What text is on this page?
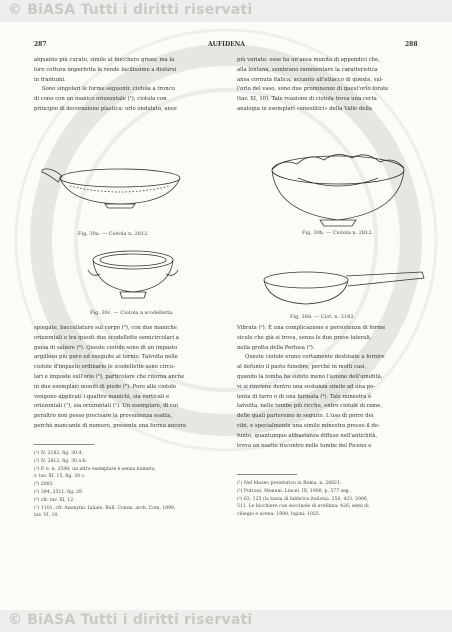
© BiASA Tutti i diritti riservati
© BiASA Tutti i diritti riservati
287	AUFIDENA	288

alquanto più curato, simile al bucchero grezo; ma la

loro cottura imperfetta le rende facilissime a disfarsi

in frantumi.

Sono singolari le forme seguenti: ciotola a tronco

di cono con un manico orizzontale (¹); ciotola con

principio di decorazione plastica: orlo ondulato, anse

più variate: esse ha un'ansa munita di appendici che,

alla lontana, sembrano rammentare la caratteristica

ansa cornuta italica; accanto all'attacco di questa, sul-

l'orlo del vaso, sono due prominenze di quest'orlo forate

(tav. XI, 10). Tale reazione di ciotola trova una certa

analogia in esemplari «eneolitici» della Valle della

Fig. 30a. — Ciotola n. 2812.	Fig. 30b. — Ciotola n. 2812.
Fig. 30c. — Ciotola a scodelletta.
Fig. 30d. — Ciot. n. 2182.

spiegate, baccellature sul corpo (³), con due maniche

orizzontali e tra questi due scodellette semicircolari a

guisa di saliere (⁴). Queste ciotole sono di un impasto

argilloso più puro ed eseguite al tornio. Talvolta nelle

ciotole d'impasto ordinario le scodellette sono circo-

lari e imposte sull'orlo (⁵), particolare che ritorna anche

in due esemplari muniti di piede (⁶). Pure alle ciotole

vengono applicati i quattro manichi, sia verticali e

orizzontali (⁷), sia orizzontali (¹). Un esemplare, di cui

peraltro non posso precisare la provenienza esatta,

perchè mancante di numero, presenta una forma ancora

Vibrata (²). È una complicazione e persistenza di forme

sicule che già si trova, senza le due prese laterali,

nella grotta della Pertosa (³).

Queste ciotole erano certamente destinate a fornire

al defunto il pasto funebre, perchè in molti casi,

quando la tomba ha subito meno l'azione dell'umidità,

vi si rinviene dentro una sostanza simile ad una po-

lenta di farro o di una farinata (⁴). Tale minestra è

talvolta, nelle tombe più ricche, entro ciotole di rame,

delle quali parleremo in seguito. L'uso di porre dei

cibi, e specialmente una simile minestra presso il de-

funto, quantunque abbastanza diffuso nell'antichità,

trova un esatto riscontro nelle tombe del Piceno e

(¹) N. 2182, fig. 30 d.

(²) N. 2812, fig. 30 a-b.

(³) P. e. n. 2598; un altro esemplare è senza numero,

v. tav. XI, 15, fig. 30 c.

(⁴) 2083.

(⁵) 394, 2511, fig. 29

(⁶) cfr. tav. XI, 12.

(⁷) 1101, cfr. Anonymi. Iuliale, Bull. Comm. arch. Com. 1898,

tav. VI, 10.

(¹) Nel Museo preistorico in Roma, n. 26821.

(²) Putrani, Monum. Lincei, IX, 1900, p. 577 seg.

(³) 63, 125 (la tazza di fabbrica italiota), 250, 433, 2006,

511. Le bicchiere con seccinole di avellana: 426; semi di

ciliegio e avena: 1898, lupini: 1025.
